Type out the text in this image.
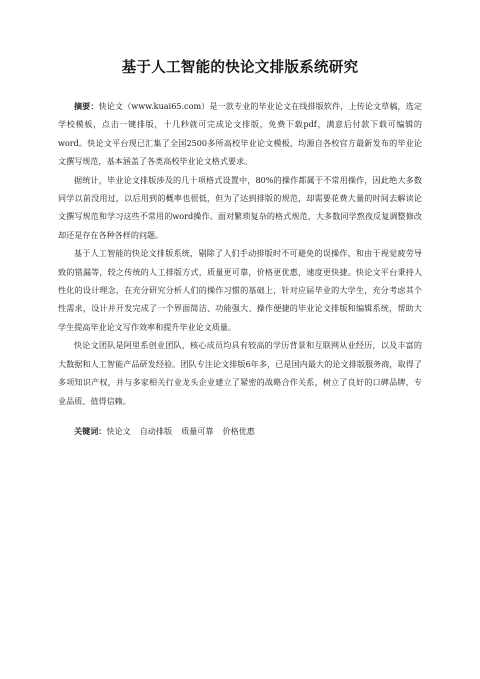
基于人工智能的快论文排版系统研究

摘要：快论文（www.kuai65.com）是一款专业的毕业论文在线排版软件，上传论文草稿，选定学校模板，点击一键排版，十几秒就可完成论文排版，免费下载pdf，满意后付款下载可编辑的word。快论文平台现已汇集了全国2500多所高校毕业论文模板，均源自各校官方最新发布的毕业论文撰写规范，基本涵盖了各类高校毕业论文格式要求。

据统计，毕业论文排版涉及的几十项格式设置中，80%的操作都属于不常用操作，因此绝大多数同学以前没用过，以后用到的概率也很低，但为了达到排版的规范，却需要花费大量的时间去解读论文撰写规范和学习这些不常用的word操作。面对繁琐复杂的格式规范，大多数同学熬夜反复调整修改却还是存在各种各样的问题。

基于人工智能的快论文排版系统，剔除了人们手动排版时不可避免的误操作，和由于视觉疲劳导致的错漏等，较之传统的人工排版方式，质量更可靠，价格更优惠，速度更快捷。快论文平台秉持人性化的设计理念，在充分研究分析人们的操作习惯的基础上，针对应届毕业的大学生，充分考虑其个性需求，设计并开发完成了一个界面简洁、功能强大、操作便捷的毕业论文排版和编辑系统，帮助大学生提高毕业论文写作效率和提升毕业论文质量。

快论文团队是阿里系创业团队，核心成员均具有较高的学历背景和互联网从业经历，以及丰富的大数据和人工智能产品研发经验。团队专注论文排版6年多，已是国内最大的论文排版服务商，取得了多项知识产权，并与多家相关行业龙头企业建立了紧密的战略合作关系，树立了良好的口碑品牌，专业品质、值得信赖。

关键词：快论文 自动排版 质量可靠 价格优惠
